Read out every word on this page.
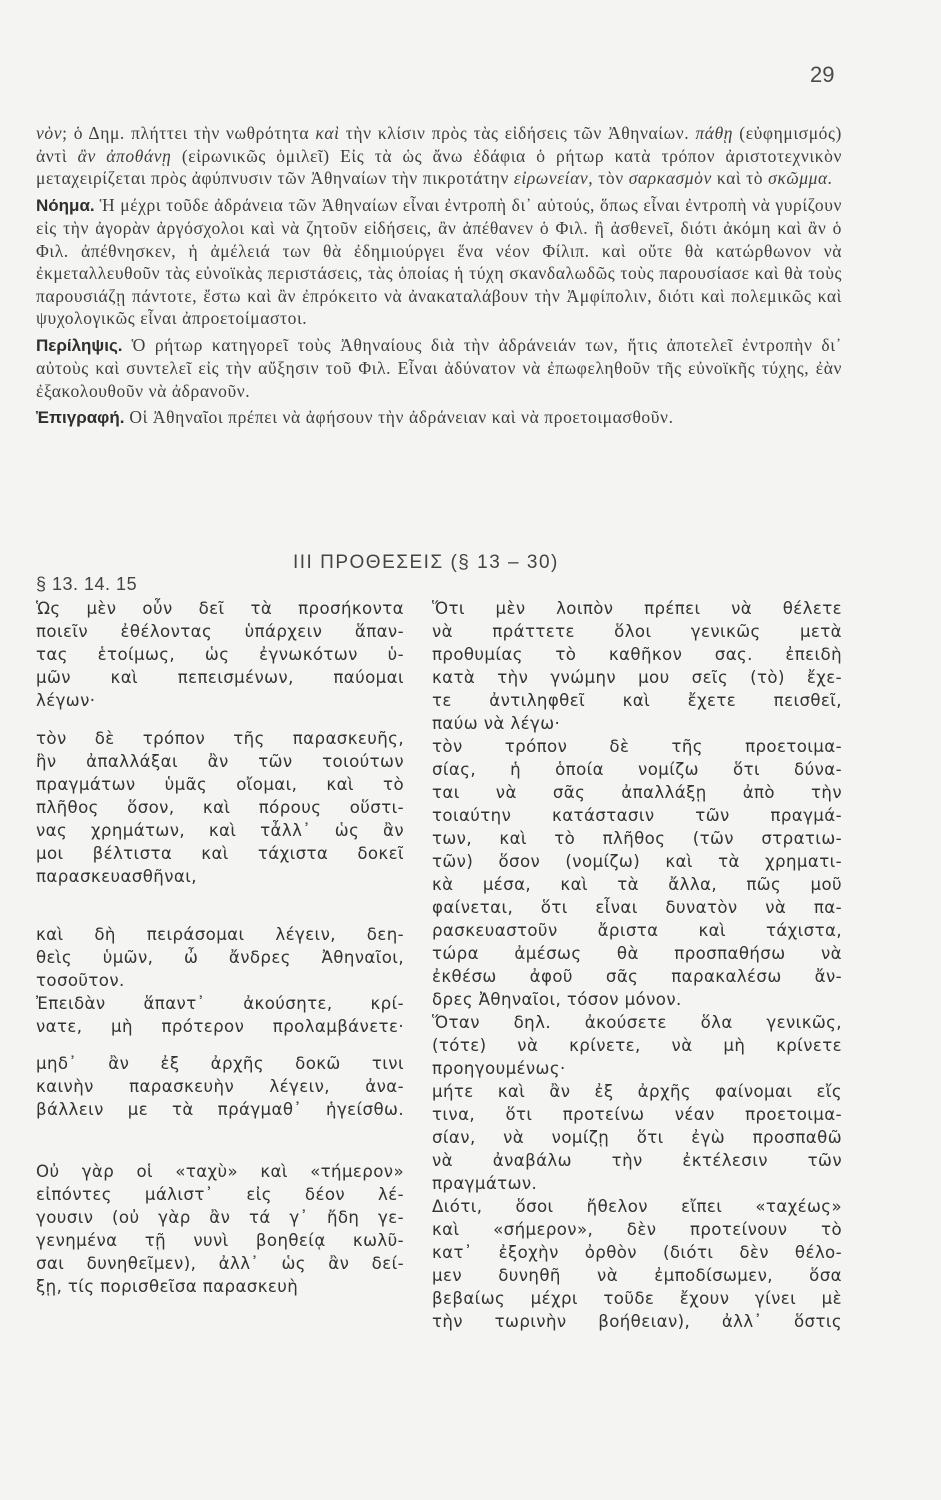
29

νὸν; ὁ Δημ. πλήττει τὴν νωθρότητα καὶ τὴν κλίσιν πρὸς τὰς εἰδήσεις τῶν Ἀθηναίων. πάθῃ (εὐφημισμός) ἀντὶ ἂν ἀποθάνῃ (εἰρωνικῶς ὁμιλεῖ) Εἰς τὰ ὡς ἄνω ἐδάφια ὁ ρήτωρ κατὰ τρόπον ἀριστοτεχνικὸν μεταχειρίζεται πρὸς ἀφύπνυσιν τῶν Ἀθηναίων τὴν πικροτάτην εἰρωνείαν, τὸν σαρκασμὸν καὶ τὸ σκῶμμα.

Νόημα. Ἡ μέχρι τοῦδε ἀδράνεια τῶν Ἀθηναίων εἶναι ἐντροπὴ δι᾿ αὐτούς, ὅπως εἶναι ἐντροπὴ νὰ γυρίζουν εἰς τὴν ἀγορὰν ἀργόσχολοι καὶ νὰ ζητοῦν εἰδήσεις, ἂν ἀπέθανεν ὁ Φιλ. ἢ ἀσθενεῖ, διότι ἀκόμη καὶ ἂν ὁ Φιλ. ἀπέθνησκεν, ἡ ἀμέλειά των θὰ ἐδημιούργει ἕνα νέον Φίλιπ. καὶ οὔτε θὰ κατώρθωνον νὰ ἐκμεταλλευθοῦν τὰς εὐνοϊκὰς περιστάσεις, τὰς ὁποίας ἡ τύχη σκανδαλωδῶς τοὺς παρουσίασε καὶ θὰ τοὺς παρουσιάζῃ πάντοτε, ἔστω καὶ ἂν ἐπρόκειτο νὰ ἀνακαταλάβουν τὴν Ἀμφίπολιν, διότι καὶ πολεμικῶς καὶ ψυχολογικῶς εἶναι ἀπροετοίμαστοι.

Περίληψις. Ὁ ρήτωρ κατηγορεῖ τοὺς Ἀθηναίους διὰ τὴν ἀδράνειάν των, ἥτις ἀποτελεῖ ἐντροπὴν δι᾿ αὐτοὺς καὶ συντελεῖ εἰς τὴν αὔξησιν τοῦ Φιλ. Εἶναι ἀδύνατον νὰ ἐπωφεληθοῦν τῆς εὐνοϊκῆς τύχης, ἐὰν ἐξακολουθοῦν νὰ ἀδρανοῦν.

Ἐπιγραφή. Οἱ Ἀθηναῖοι πρέπει νὰ ἀφήσουν τὴν ἀδράνειαν καὶ νὰ προετοιμασθοῦν.

III ΠΡΟΘΕΣΕΙΣ (§ 13 – 30)
§ 13. 14. 15
Ὡς μὲν οὖν δεῖ τὰ προσήκοντα
ποιεῖν ἐθέλοντας ὑπάρχειν ἅπαν-
τας ἑτοίμως, ὡς ἐγνωκότων ὑ-
μῶν καὶ πεπεισμένων, παύομαι
λέγων·
τὸν δὲ τρόπον τῆς παρασκευῆς,
ἣν ἀπαλλάξαι ἂν τῶν τοιούτων
πραγμάτων ὑμᾶς οἴομαι, καὶ τὸ
πλῆθος ὅσον, καὶ πόρους οὕστι-
νας χρημάτων, καὶ τἆλλ᾿ ὡς ἂν
μοι βέλτιστα καὶ τάχιστα δοκεῖ
παρασκευασθῆναι,
καὶ δὴ πειράσομαι λέγειν, δεη-
θεὶς ὑμῶν, ὦ ἄνδρες Ἀθηναῖοι,
τοσοῦτον.
Ἐπειδὰν ἅπαντ᾿ ἀκούσητε, κρί-
νατε, μὴ πρότερον προλαμβάνετε·
μηδ᾿ ἂν ἐξ ἀρχῆς δοκῶ τινι
καινὴν παρασκευὴν λέγειν, ἀνα-
βάλλειν με τὰ πράγμαθ᾿ ἡγείσθω.
Οὐ γὰρ οἱ «ταχὺ» καὶ «τήμερον»
εἰπόντες μάλιστ᾿ εἰς δέον λέ-
γουσιν (οὐ γὰρ ἂν τά γ᾿ ἤδη γε-
γενημένα τῇ νυνὶ βοηθείᾳ κωλῦ-
σαι δυνηθεῖμεν), ἀλλ᾿ ὡς ἂν δεί-
ξῃ, τίς πορισθεῖσα παρασκευὴ
Ὅτι μὲν λοιπὸν πρέπει νὰ θέλετε
νὰ πράττετε ὅλοι γενικῶς μετὰ
προθυμίας τὸ καθῆκον σας. ἐπειδὴ
κατὰ τὴν γνώμην μου σεῖς (τὸ) ἔχε-
τε ἀντιληφθεῖ καὶ ἔχετε πεισθεῖ,
παύω νὰ λέγω·
τὸν τρόπον δὲ τῆς προετοιμα-
σίας, ἡ ὁποία νομίζω ὅτι δύνα-
ται νὰ σᾶς ἀπαλλάξῃ ἀπὸ τὴν
τοιαύτην κατάστασιν τῶν πραγμά-
των, καὶ τὸ πλῆθος (τῶν στρατιω-
τῶν) ὅσον (νομίζω) καὶ τὰ χρηματι-
κὰ μέσα, καὶ τὰ ἄλλα, πῶς μοῦ
φαίνεται, ὅτι εἶναι δυνατὸν νὰ πα-
ρασκευαστοῦν ἄριστα καὶ τάχιστα,
τώρα ἀμέσως θὰ προσπαθήσω νὰ
ἐκθέσω ἀφοῦ σᾶς παρακαλέσω ἄν-
δρες Ἀθηναῖοι, τόσον μόνον.
Ὅταν δηλ. ἀκούσετε ὅλα γενικῶς,
(τότε) νὰ κρίνετε, νὰ μὴ κρίνετε
προηγουμένως·
μήτε καὶ ἂν ἐξ ἀρχῆς φαίνομαι εἴς
τινα, ὅτι προτείνω νέαν προετοιμα-
σίαν, νὰ νομίζῃ ὅτι ἐγὼ προσπαθῶ
νὰ ἀναβάλω τὴν ἐκτέλεσιν τῶν
πραγμάτων.
Διότι, ὅσοι ἤθελον εἴπει «ταχέως»
καὶ «σήμερον», δὲν προτείνουν τὸ
κατ᾿ ἐξοχὴν ὀρθὸν (διότι δὲν θέλο-
μεν δυνηθῆ νὰ ἐμποδίσωμεν, ὅσα
βεβαίως μέχρι τοῦδε ἔχουν γίνει μὲ
τὴν τωρινὴν βοήθειαν), ἀλλ᾿ ὅστις
